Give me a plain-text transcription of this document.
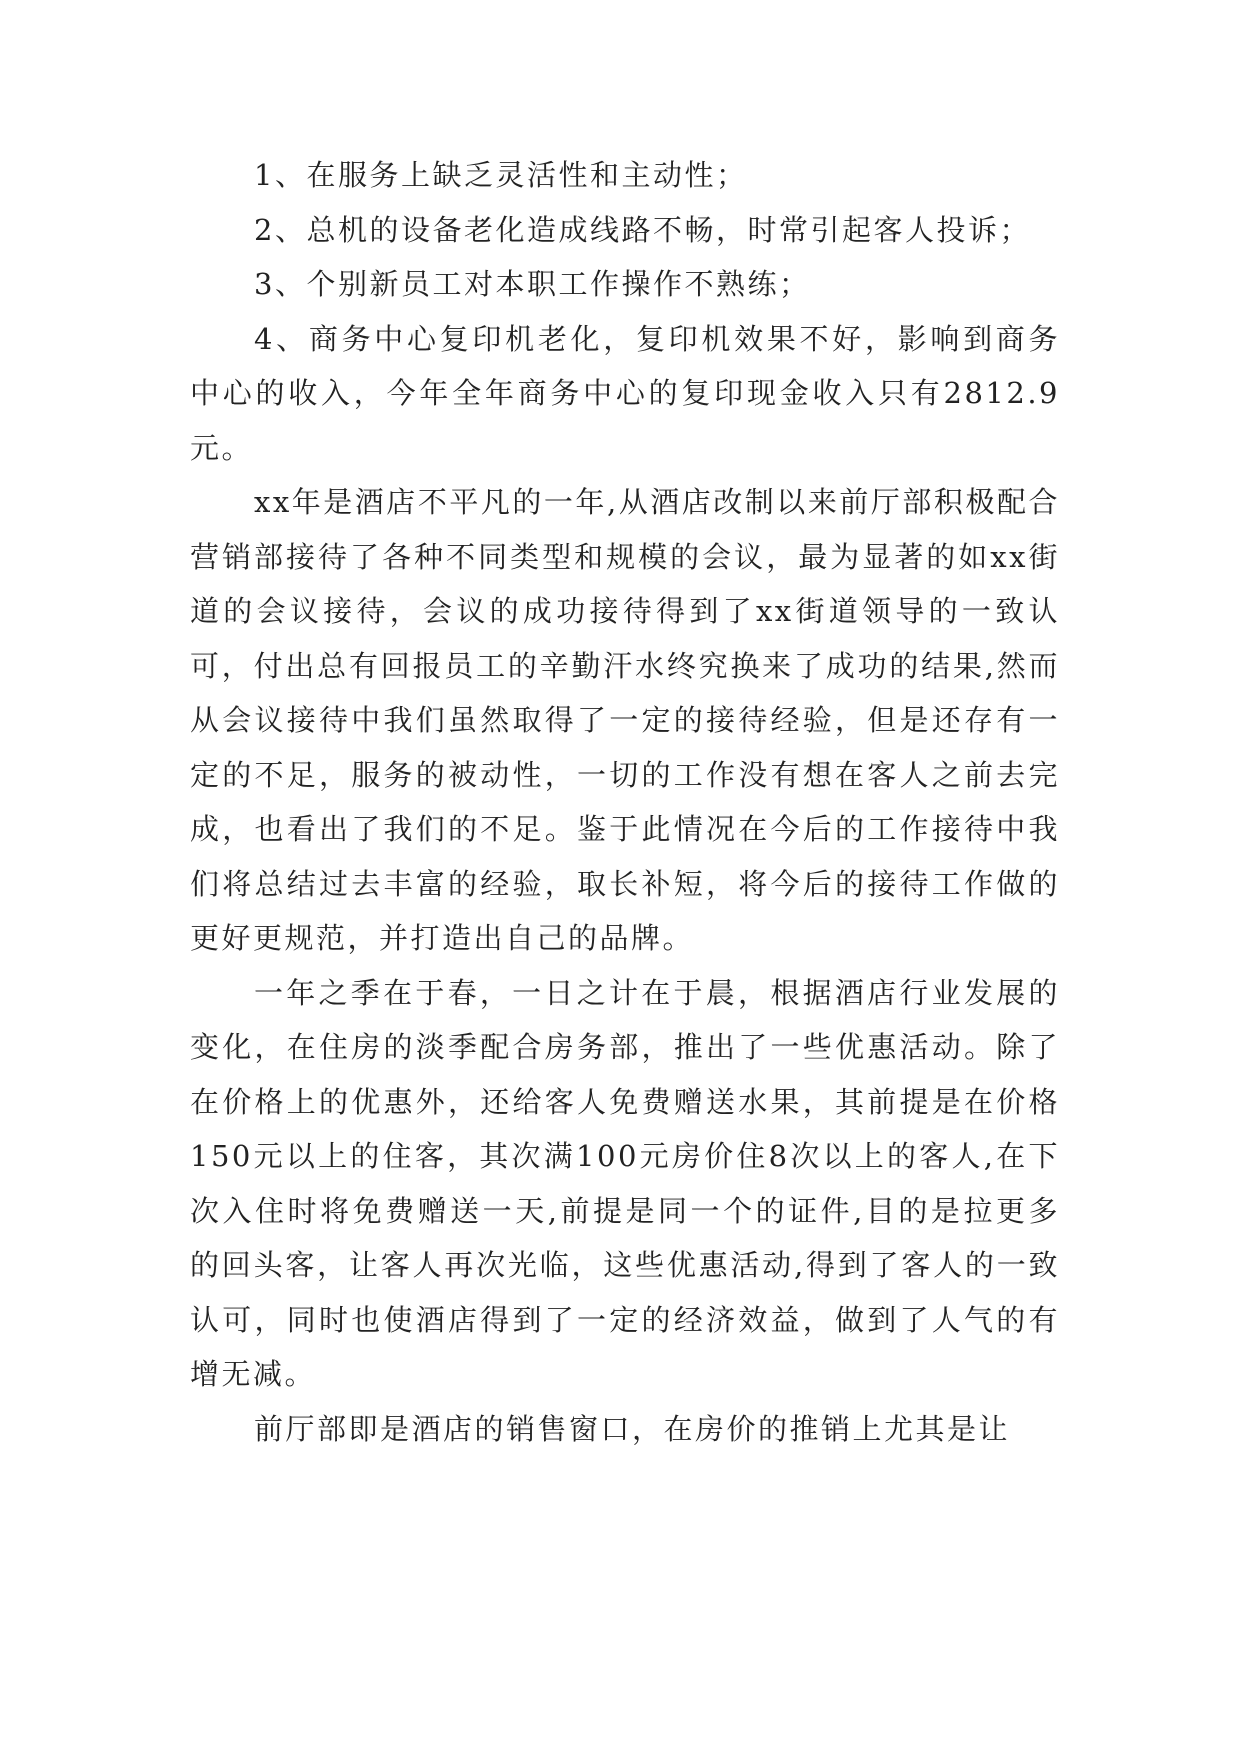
1、在服务上缺乏灵活性和主动性；

2、总机的设备老化造成线路不畅，时常引起客人投诉；

3、个别新员工对本职工作操作不熟练；

4、商务中心复印机老化，复印机效果不好，影响到商务中心的收入，今年全年商务中心的复印现金收入只有2812.9元。

xx年是酒店不平凡的一年,从酒店改制以来前厅部积极配合营销部接待了各种不同类型和规模的会议，最为显著的如xx街道的会议接待，会议的成功接待得到了xx街道领导的一致认可，付出总有回报员工的辛勤汗水终究换来了成功的结果,然而从会议接待中我们虽然取得了一定的接待经验，但是还存有一定的不足，服务的被动性，一切的工作没有想在客人之前去完成，也看出了我们的不足。鉴于此情况在今后的工作接待中我们将总结过去丰富的经验，取长补短，将今后的接待工作做的更好更规范，并打造出自己的品牌。

一年之季在于春，一日之计在于晨，根据酒店行业发展的变化，在住房的淡季配合房务部，推出了一些优惠活动。除了在价格上的优惠外，还给客人免费赠送水果，其前提是在价格150元以上的住客，其次满100元房价住8次以上的客人,在下次入住时将免费赠送一天,前提是同一个的证件,目的是拉更多的回头客，让客人再次光临，这些优惠活动,得到了客人的一致认可，同时也使酒店得到了一定的经济效益，做到了人气的有增无减。

前厅部即是酒店的销售窗口，在房价的推销上尤其是让
